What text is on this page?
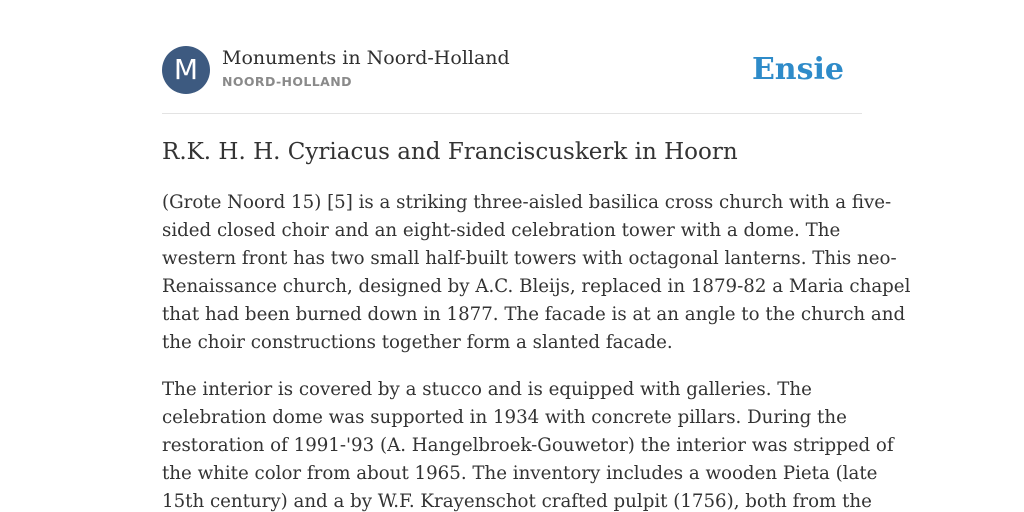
M	Monuments in Noord-Holland
NOORD-HOLLAND	Ensie
R.K. H. H. Cyriacus and Franciscuskerk in Hoorn

(Grote Noord 15) [5] is a striking three-aisled basilica cross church with a five-
sided closed choir and an eight-sided celebration tower with a dome. The
western front has two small half-built towers with octagonal lanterns. This neo-
Renaissance church, designed by A.C. Bleijs, replaced in 1879-82 a Maria chapel
that had been burned down in 1877. The facade is at an angle to the church and
the choir constructions together form a slanted facade.

The interior is covered by a stucco and is equipped with galleries. The
celebration dome was supported in 1934 with concrete pillars. During the
restoration of 1991-'93 (A. Hangelbroek-Gouwetor) the interior was stripped of
the white color from about 1965. The inventory includes a wooden Pieta (late
15th century) and a by W.F. Krayenschot crafted pulpit (1756), both from the
